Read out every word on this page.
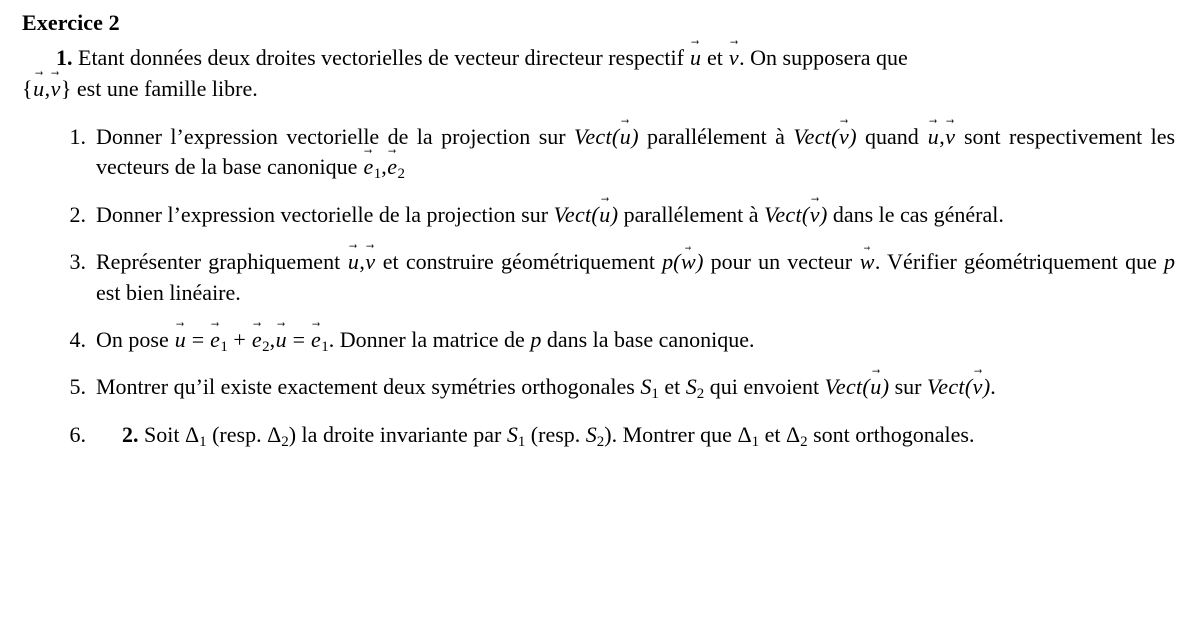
Exercice 2
1. Etant données deux droites vectorielles de vecteur directeur respectif u → et v →. On supposera que
{u →,v →} est une famille libre.
1. Donner l’expression vectorielle de la projection sur Vect(u →) parallélement à Vect(v →) quand u →,v → sont respectivement les vecteurs de la base canonique $e \to_1,e \to_2$
2. Donner l’expression vectorielle de la projection sur Vect(u →) parallélement à Vect(v →) dans le cas général.
3. Représenter graphiquement u →,v → et construire géométriquement p(w →) pour un vecteur w →. Vérifier géométriquement que p est bien linéaire.
4. On pose u → = $e \to_1 + e \to_2,u$ → = $e \to_1$. Donner la matrice de p dans la base canonique.
5. Montrer qu’il existe exactement deux symétries orthogonales $S_1$ et $S_2$ qui envoient Vect(u →) sur Vect(v →).
6. 2. Soit $\Delta_1$ (resp. $\Delta_2$) la droite invariante par $S_1$ (resp. $S_2$). Montrer que $\Delta_1$ et $\Delta_2$ sont orthogonales.
